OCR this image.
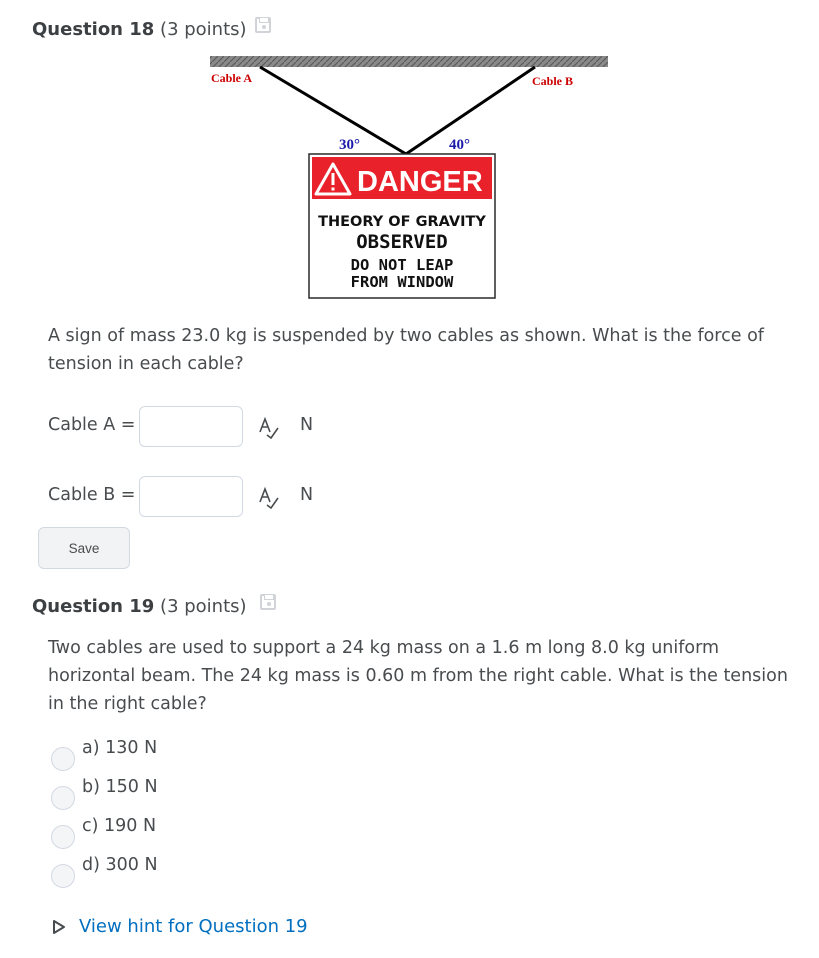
Question 18 (3 points)
Cable A	Cable B
30°	40°
DANGER
THEORY OF GRAVITY
OBSERVED
DO NOT LEAP
FROM WINDOW
A sign of mass 23.0 kg is suspended by two cables as shown. What is the force of
tension in each cable?
Cable A =	N
Cable B =	N
Save
Question 19 (3 points)
Two cables are used to support a 24 kg mass on a 1.6 m long 8.0 kg uniform
horizontal beam. The 24 kg mass is 0.60 m from the right cable. What is the tension
in the right cable?
a) 130 N
b) 150 N
c) 190 N
d) 300 N
View hint for Question 19
